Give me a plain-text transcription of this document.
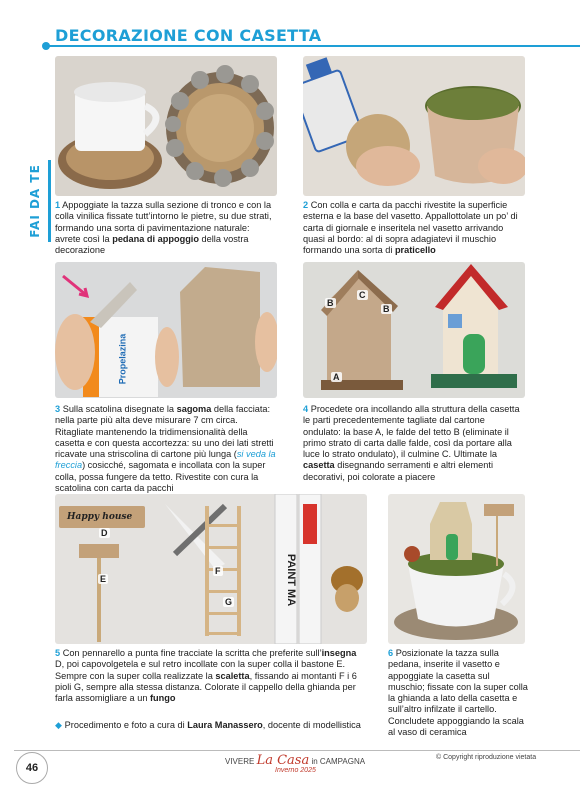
DECORAZIONE CON CASETTA
FAI DA TE 1 Appoggiate la tazza sulla sezione di tronco e con la colla vinilica fissate tutt’intorno le pietre, su due strati, formando una sorta di pavimentazione naturale: avrete così la pedana di appoggio della vostra decorazione
2 Con colla e carta da pacchi rivestite la superficie esterna e la base del vasetto. Appallottolate un po’ di carta di giornale e inseritela nel vasetto arrivando quasi al bordo: al di sopra adagiatevi il muschio formando una sorta di praticello
Propelazina
3 Sulla scatolina disegnate la sagoma della facciata: nella parte più alta deve misurare 7 cm circa. Ritagliate mantenendo la tridimensionalità della casetta e con questa accortezza: su uno dei lati stretti ricavate una striscolina di cartone più lunga (si veda la freccia) cosicché, sagomata e incollata con la super colla, possa fungere da tetto. Rivestite con cura la scatolina con carta da pacchi
B
C
B
A
4 Procedete ora incollando alla struttura della casetta le parti precedentemente tagliate dal cartone ondulato: la base A, le falde del tetto B (eliminate il primo strato di carta dalle falde, così da portare alla luce lo strato ondulato), il culmine C. Ultimate la casetta disegnando serramenti e altri elementi decorativi, poi colorate a piacere
Happy house
D
E
F
G	PAINT MA
5 Con pennarello a punta fine tracciate la scritta che preferite sull’insegna D, poi capovolgetela e sul retro incollate con la super colla il bastone E. Sempre con la super colla realizzate la scaletta, fissando ai montanti F i 6 pioli G, sempre alla stessa distanza. Colorate il cappello della ghianda per farla assomigliare a un fungo
6 Posizionate la tazza sulla pedana, inserite il vasetto e appoggiate la casetta sul muschio; fissate con la super colla la ghianda a lato della casetta e sull’altro infilzate il cartello. Concludete appoggiando la scala al vaso di ceramica
◆ Procedimento e foto a cura di Laura Manassero, docente di modellistica
46
VIVERE La Casa in CAMPAGNA
Inverno 2025
© Copyright riproduzione vietata
